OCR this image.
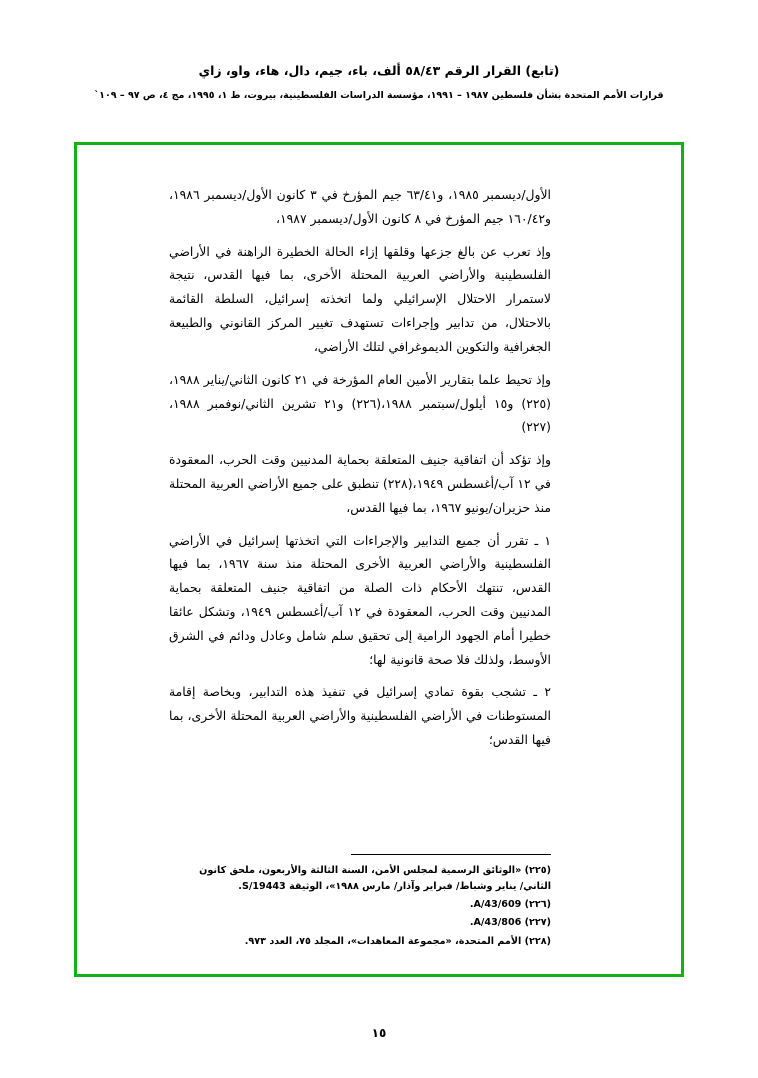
(تابع) القرار الرقم ٥٨/٤٣ ألف، باء، جيم، دال، هاء، واو، زاي
قرارات الأمم المتحدة بشأن فلسطين ١٩٨٧ – ١٩٩١، مؤسسة الدراسات الفلسطينية، بيروت، ط ١، ١٩٩٥، مج ٤، ص ٩٧ – ١٠٩`

الأول/ديسمبر ١٩٨٥، و٦٣/٤١ جيم المؤرخ في ٣ كانون الأول/ديسمبر ١٩٨٦، و١٦٠/٤٢ جيم المؤرخ في ٨ كانون الأول/ديسمبر ١٩٨٧،

وإذ تعرب عن بالغ جزعها وقلقها إزاء الحالة الخطيرة الراهنة في الأراضي الفلسطينية والأراضي العربية المحتلة الأخرى، بما فيها القدس، نتيجة لاستمرار الاحتلال الإسرائيلي ولما اتخذته إسرائيل، السلطة القائمة بالاحتلال، من تدابير وإجراءات تستهدف تغيير المركز القانوني والطبيعة الجغرافية والتكوين الديموغرافي لتلك الأراضي،

وإذ تحيط علما بتقارير الأمين العام المؤرخة في ٢١ كانون الثاني/يناير ١٩٨٨،(٢٢٥) و١٥ أيلول/سبتمبر ١٩٨٨،(٢٢٦) و٢١ تشرين الثاني/نوفمبر ١٩٨٨،(٢٢٧)

وإذ تؤكد أن اتفاقية جنيف المتعلقة بحماية المدنيين وقت الحرب، المعقودة في ١٢ آب/أغسطس ١٩٤٩،(٢٢٨) تنطبق على جميع الأراضي العربية المحتلة منذ حزيران/يونيو ١٩٦٧، بما فيها القدس،

١ ـ تقرر أن جميع التدابير والإجراءات التي اتخذتها إسرائيل في الأراضي الفلسطينية والأراضي العربية الأخرى المحتلة منذ سنة ١٩٦٧، بما فيها القدس، تنتهك الأحكام ذات الصلة من اتفاقية جنيف المتعلقة بحماية المدنيين وقت الحرب، المعقودة في ١٢ آب/أغسطس ١٩٤٩، وتشكل عائقا خطيرا أمام الجهود الرامية إلى تحقيق سلم شامل وعادل ودائم في الشرق الأوسط، ولذلك فلا صحة قانونية لها؛

٢ ـ تشجب بقوة تمادي إسرائيل في تنفيذ هذه التدابير، وبخاصة إقامة المستوطنات في الأراضي الفلسطينية والأراضي العربية المحتلة الأخرى، بما فيها القدس؛

(٢٢٥) «الوثائق الرسمية لمجلس الأمن، السنة الثالثة والأربعون، ملحق كانون الثاني/ يناير وشباط/ فبراير وآذار/ مارس ١٩٨٨»، الوثيقة S/19443.

(٢٢٦) A/43/609.

(٢٢٧) A/43/806.

(٢٢٨) الأمم المتحدة، «مجموعة المعاهدات»، المجلد ٧٥، العدد ٩٧٣.

١٥
